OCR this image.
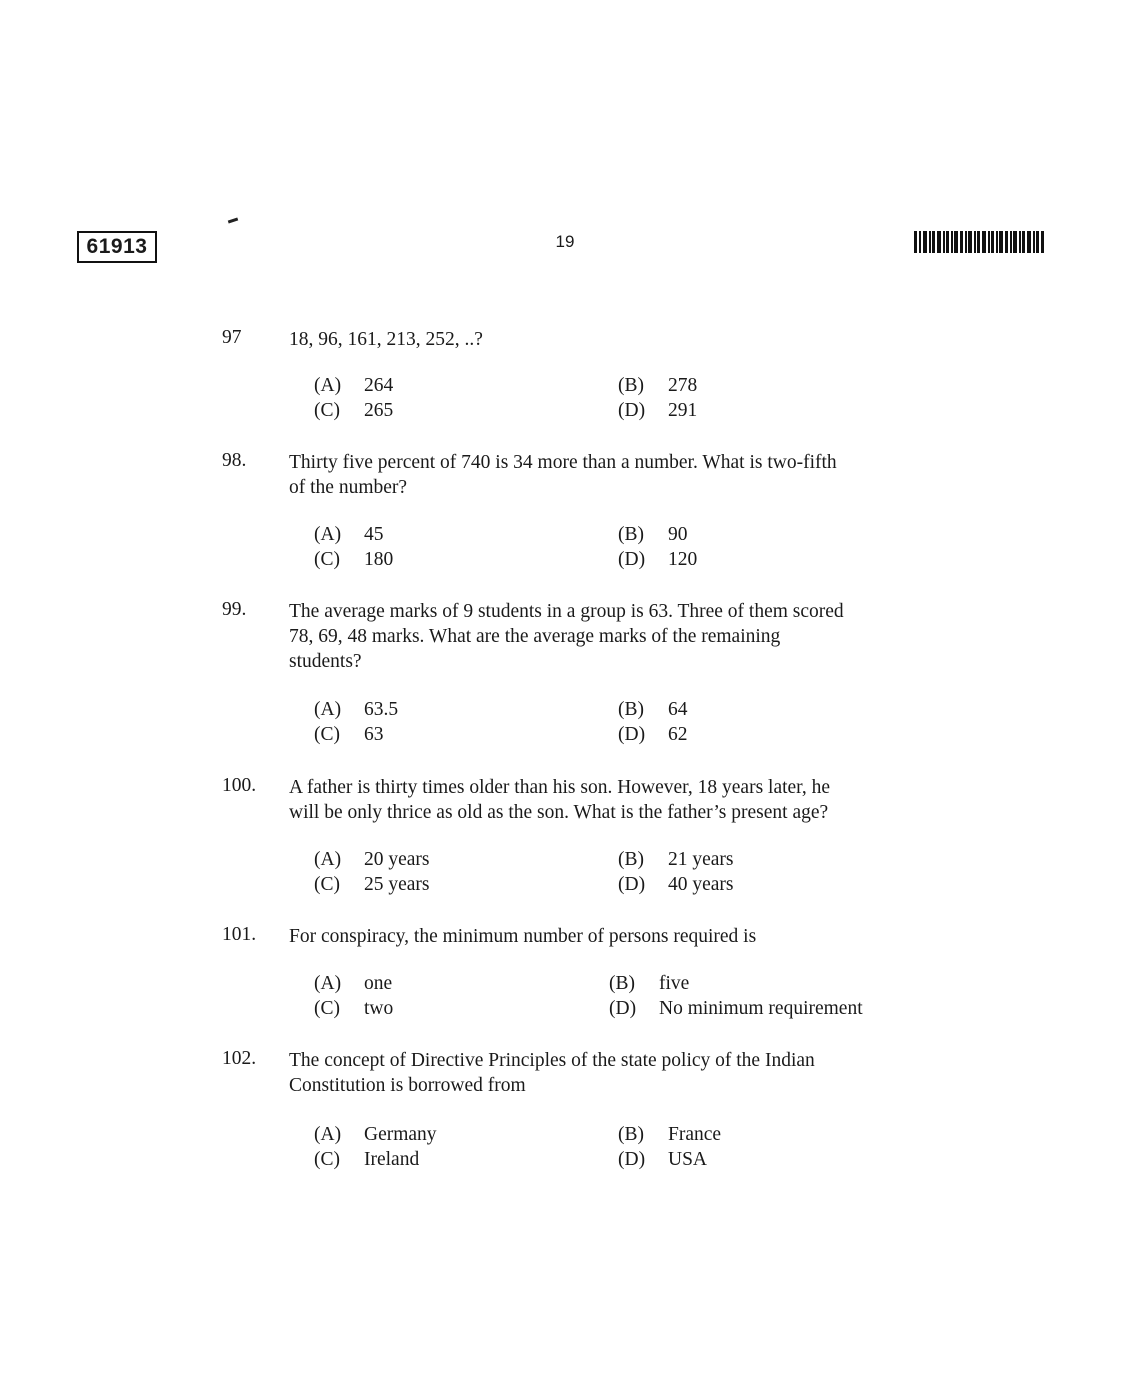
61913	19
97 18, 96, 161, 213, 252, ..?
(A) 264	(B) 278
(C) 265	(D) 291
98. Thirty five percent of 740 is 34 more than a number. What is two-fifth
of the number?
(A) 45	(B) 90
(C) 180	(D) 120
99. The average marks of 9 students in a group is 63. Three of them scored
78, 69, 48 marks. What are the average marks of the remaining
students?
(A) 63.5	(B) 64
(C) 63	(D) 62
100. A father is thirty times older than his son. However, 18 years later, he
will be only thrice as old as the son. What is the father’s present age?
(A) 20 years	(B) 21 years
(C) 25 years	(D) 40 years
101. For conspiracy, the minimum number of persons required is
(A) one	(B) five
(C) two	(D) No minimum requirement
102. The concept of Directive Principles of the state policy of the Indian
Constitution is borrowed from
(A) Germany	(B) France
(C) Ireland	(D) USA
